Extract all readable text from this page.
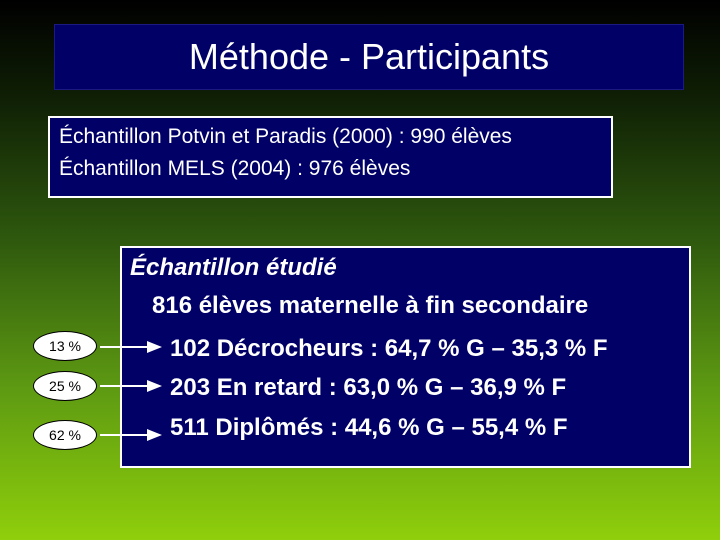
Méthode - Participants
Échantillon Potvin et Paradis (2000) : 990 élèves
Échantillon MELS (2004) : 976 élèves
Échantillon étudié
816 élèves maternelle à fin secondaire
102 Décrocheurs : 64,7 % G – 35,3 % F
203 En retard : 63,0 % G – 36,9 % F
511 Diplômés : 44,6 % G – 55,4 % F
13 %
25 %
62 %
